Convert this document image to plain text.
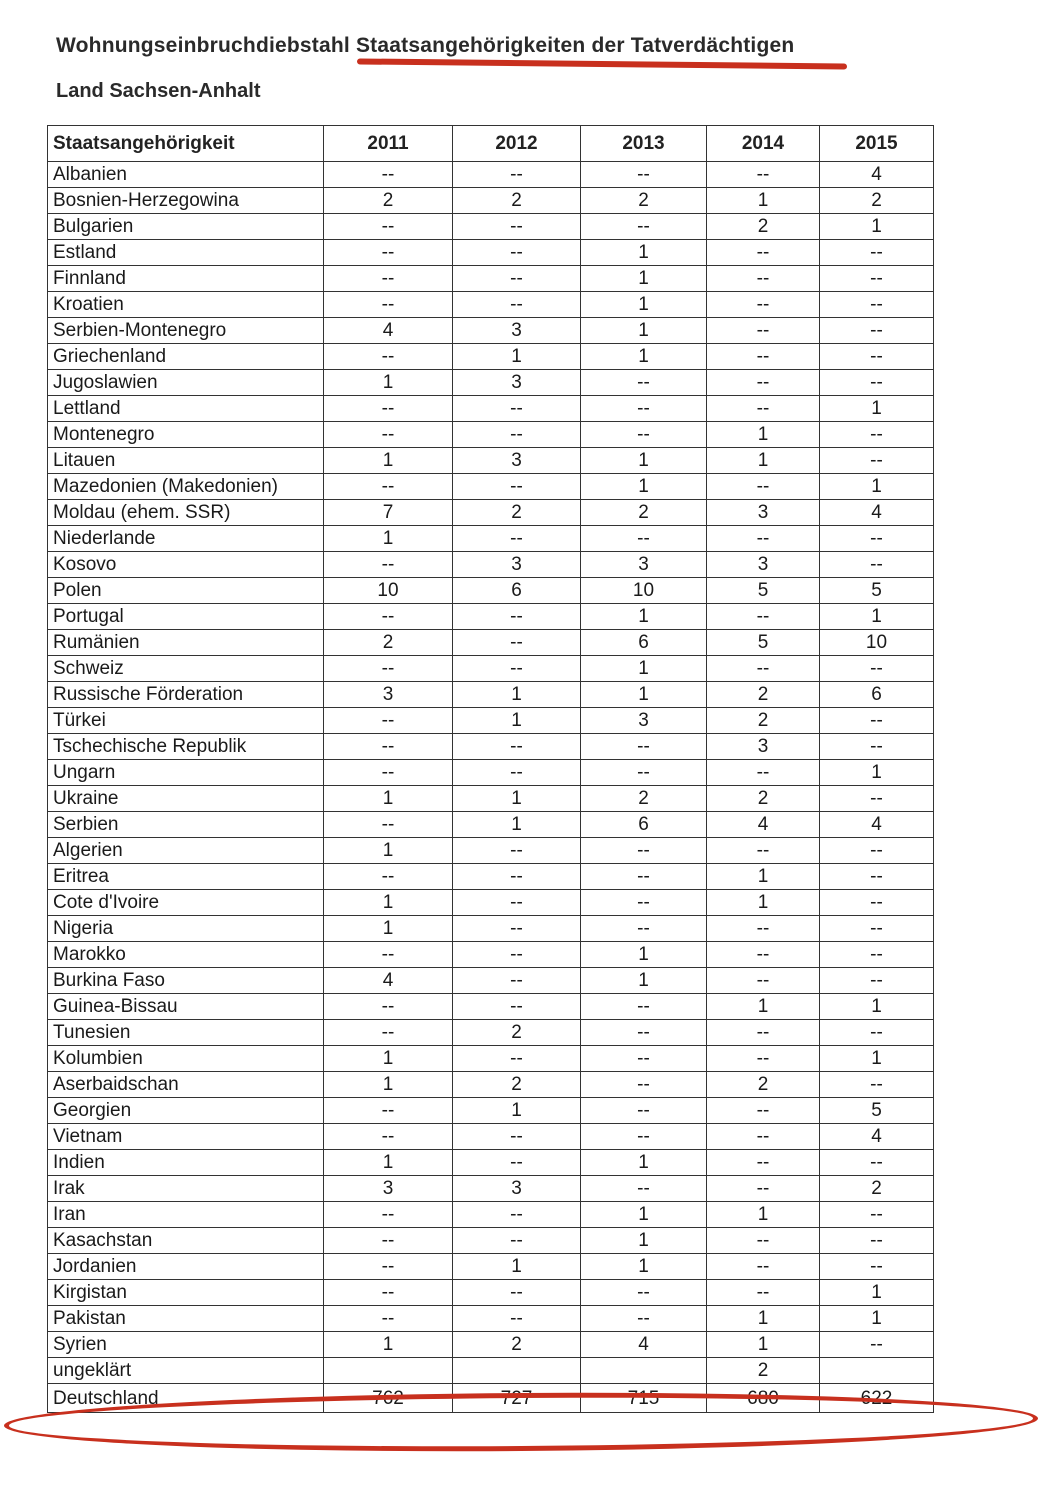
Wohnungseinbruchdiebstahl Staatsangehörigkeiten der Tatverdächtigen
Land Sachsen-Anhalt
Staatsangehörigkeit	2011	2012	2013	2014	2015
Albanien	--	--	--	--	4
Bosnien-Herzegowina	2	2	2	1	2
Bulgarien	--	--	--	2	1
Estland	--	--	1	--	--
Finnland	--	--	1	--	--
Kroatien	--	--	1	--	--
Serbien-Montenegro	4	3	1	--	--
Griechenland	--	1	1	--	--
Jugoslawien	1	3	--	--	--
Lettland	--	--	--	--	1
Montenegro	--	--	--	1	--
Litauen	1	3	1	1	--
Mazedonien (Makedonien)	--	--	1	--	1
Moldau (ehem. SSR)	7	2	2	3	4
Niederlande	1	--	--	--	--
Kosovo	--	3	3	3	--
Polen	10	6	10	5	5
Portugal	--	--	1	--	1
Rumänien	2	--	6	5	10
Schweiz	--	--	1	--	--
Russische Förderation	3	1	1	2	6
Türkei	--	1	3	2	--
Tschechische Republik	--	--	--	3	--
Ungarn	--	--	--	--	1
Ukraine	1	1	2	2	--
Serbien	--	1	6	4	4
Algerien	1	--	--	--	--
Eritrea	--	--	--	1	--
Cote d'Ivoire	1	--	--	1	--
Nigeria	1	--	--	--	--
Marokko	--	--	1	--	--
Burkina Faso	4	--	1	--	--
Guinea-Bissau	--	--	--	1	1
Tunesien	--	2	--	--	--
Kolumbien	1	--	--	--	1
Aserbaidschan	1	2	--	2	--
Georgien	--	1	--	--	5
Vietnam	--	--	--	--	4
Indien	1	--	1	--	--
Irak	3	3	--	--	2
Iran	--	--	1	1	--
Kasachstan	--	--	1	--	--
Jordanien	--	1	1	--	--
Kirgistan	--	--	--	--	1
Pakistan	--	--	--	1	1
Syrien	1	2	4	1	--
ungeklärt				2	
Deutschland	762	727	715	680	622
